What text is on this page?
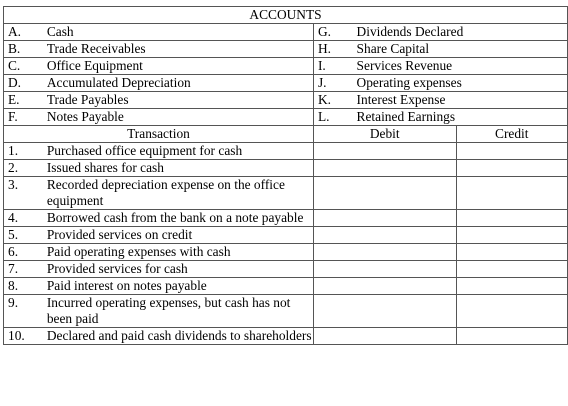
ACCOUNTS				
A.	Cash	G.	Dividends Declared	
B.	Trade Receivables	H.	Share Capital	
C.	Office Equipment	I.	Services Revenue	
D.	Accumulated Depreciation	J.	Operating expenses	
E.	Trade Payables	K.	Interest Expense	
F.	Notes Payable	L.	Retained Earnings	
Transaction		Debit		Credit
1.	Purchased office equipment for cash			
2.	Issued shares for cash			
3.	Recorded depreciation expense on the office equipment			
4.	Borrowed cash from the bank on a note payable			
5.	Provided services on credit			
6.	Paid operating expenses with cash			
7.	Provided services for cash			
8.	Paid interest on notes payable			
9.	Incurred operating expenses, but cash has not been paid			
10.	Declared and paid cash dividends to shareholders			
